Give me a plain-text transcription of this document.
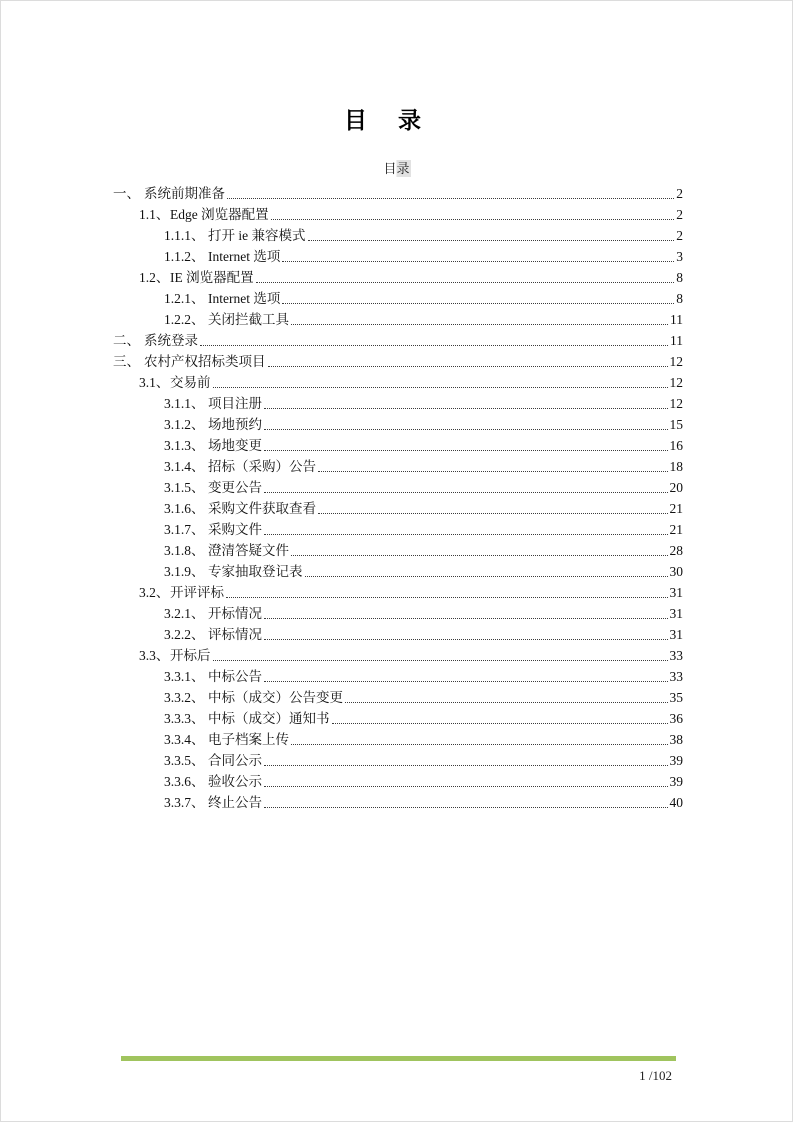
目　录
目录
一、 系统前期准备	2
1.1、 Edge 浏览器配置	2
1.1.1、 打开 ie 兼容模式	2
1.1.2、 Internet 选项	3
1.2、 IE 浏览器配置	8
1.2.1、 Internet 选项	8
1.2.2、 关闭拦截工具	11
二、 系统登录	11
三、 农村产权招标类项目	12
3.1、 交易前	12
3.1.1、 项目注册	12
3.1.2、 场地预约	15
3.1.3、 场地变更	16
3.1.4、 招标（采购）公告	18
3.1.5、 变更公告	20
3.1.6、 采购文件获取查看	21
3.1.7、 采购文件	21
3.1.8、 澄清答疑文件	28
3.1.9、 专家抽取登记表	30
3.2、 开评评标	31
3.2.1、 开标情况	31
3.2.2、 评标情况	31
3.3、 开标后	33
3.3.1、 中标公告	33
3.3.2、 中标（成交）公告变更	35
3.3.3、 中标（成交）通知书	36
3.3.4、 电子档案上传	38
3.3.5、 合同公示	39
3.3.6、 验收公示	39
3.3.7、 终止公告	40
1 /102
